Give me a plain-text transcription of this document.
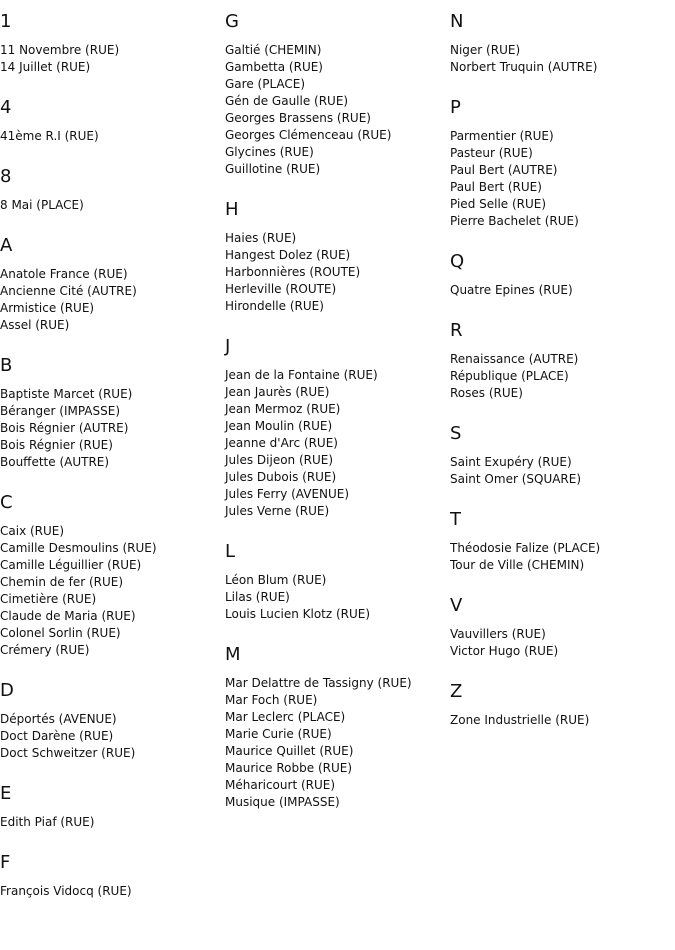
1
11 Novembre (RUE)
14 Juillet (RUE)
4
41ème R.I (RUE)
8
8 Mai (PLACE)
A
Anatole France (RUE)
Ancienne Cité (AUTRE)
Armistice (RUE)
Assel (RUE)
B
Baptiste Marcet (RUE)
Béranger (IMPASSE)
Bois Régnier (AUTRE)
Bois Régnier (RUE)
Bouffette (AUTRE)
C
Caix (RUE)
Camille Desmoulins (RUE)
Camille Léguillier (RUE)
Chemin de fer (RUE)
Cimetière (RUE)
Claude de Maria (RUE)
Colonel Sorlin (RUE)
Crémery (RUE)
D
Déportés (AVENUE)
Doct Darène (RUE)
Doct Schweitzer (RUE)
E
Edith Piaf (RUE)
F
François Vidocq (RUE)
G
Galtié (CHEMIN)
Gambetta (RUE)
Gare (PLACE)
Gén de Gaulle (RUE)
Georges Brassens (RUE)
Georges Clémenceau (RUE)
Glycines (RUE)
Guillotine (RUE)
H
Haies (RUE)
Hangest Dolez (RUE)
Harbonnières (ROUTE)
Herleville (ROUTE)
Hirondelle (RUE)
J
Jean de la Fontaine (RUE)
Jean Jaurès (RUE)
Jean Mermoz (RUE)
Jean Moulin (RUE)
Jeanne d'Arc (RUE)
Jules Dijeon (RUE)
Jules Dubois (RUE)
Jules Ferry (AVENUE)
Jules Verne (RUE)
L
Léon Blum (RUE)
Lilas (RUE)
Louis Lucien Klotz (RUE)
M
Mar Delattre de Tassigny (RUE)
Mar Foch (RUE)
Mar Leclerc (PLACE)
Marie Curie (RUE)
Maurice Quillet (RUE)
Maurice Robbe (RUE)
Méharicourt (RUE)
Musique (IMPASSE)
N
Niger (RUE)
Norbert Truquin (AUTRE)
P
Parmentier (RUE)
Pasteur (RUE)
Paul Bert (AUTRE)
Paul Bert (RUE)
Pied Selle (RUE)
Pierre Bachelet (RUE)
Q
Quatre Epines (RUE)
R
Renaissance (AUTRE)
République (PLACE)
Roses (RUE)
S
Saint Exupéry (RUE)
Saint Omer (SQUARE)
T
Théodosie Falize (PLACE)
Tour de Ville (CHEMIN)
V
Vauvillers (RUE)
Victor Hugo (RUE)
Z
Zone Industrielle (RUE)
